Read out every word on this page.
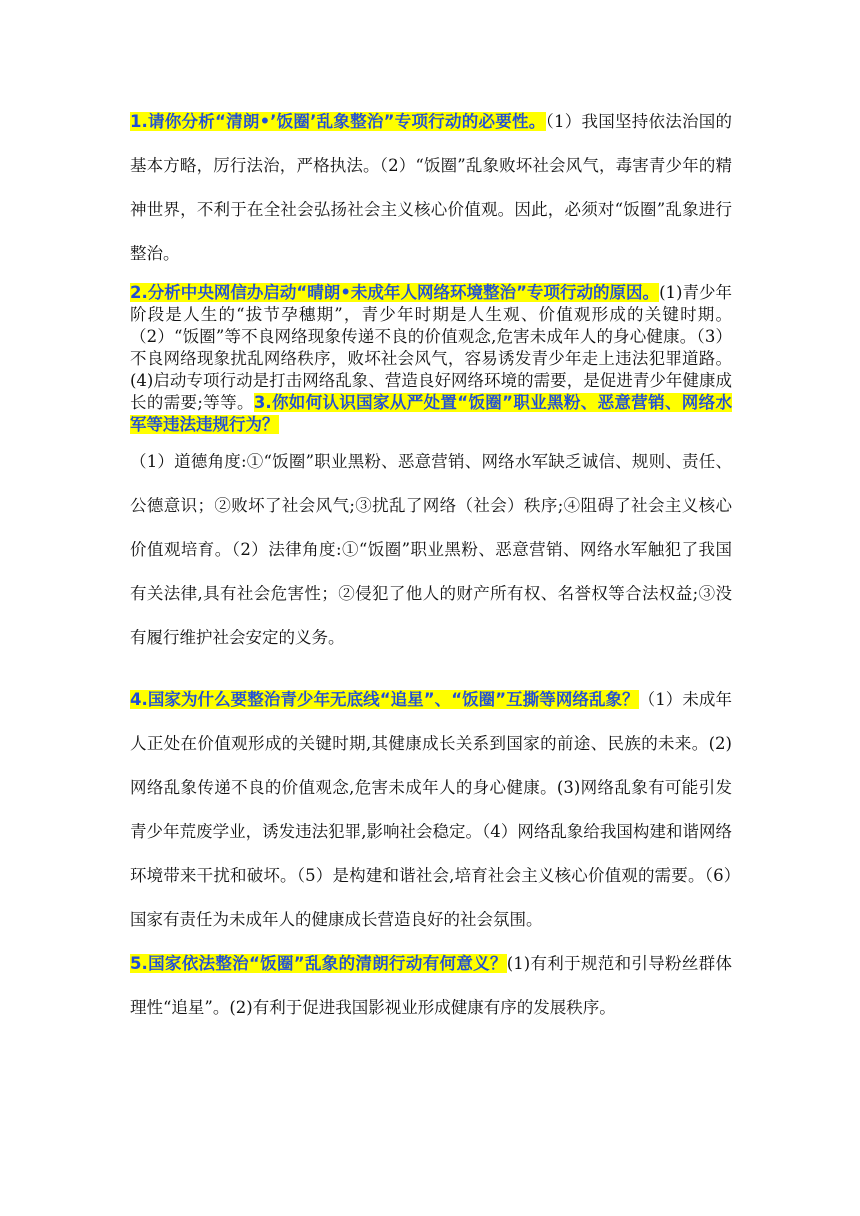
1.请你分析“清朗•’饭圈’乱象整治”专项行动的必要性。（1）我国坚持依法治国的基本方略，厉行法治，严格执法。（2）“饭圈”乱象败坏社会风气，毒害青少年的精神世界，不利于在全社会弘扬社会主义核心价值观。因此，必须对“饭圈”乱象进行整治。

2.分析中央网信办启动“晴朗•未成年人网络环境整治”专项行动的原因。(1)青少年阶段是人生的“拔节孕穗期”，青少年时期是人生观、价值观形成的关键时期。（2）“饭圈”等不良网络现象传递不良的价值观念,危害未成年人的身心健康。（3）不良网络现象扰乱网络秩序，败坏社会风气，容易诱发青少年走上违法犯罪道路。(4)启动专项行动是打击网络乱象、营造良好网络环境的需要，是促进青少年健康成长的需要;等等。3.你如何认识国家从严处置“饭圈”职业黑粉、恶意营销、网络水军等违法违规行为？

（1）道德角度:①“饭圈”职业黑粉、恶意营销、网络水军缺乏诚信、规则、责任、公德意识；②败坏了社会风气;③扰乱了网络（社会）秩序;④阻碍了社会主义核心价值观培育。（2）法律角度:①“饭圈”职业黑粉、恶意营销、网络水军触犯了我国有关法律,具有社会危害性；②侵犯了他人的财产所有权、名誉权等合法权益;③没有履行维护社会安定的义务。

4.国家为什么要整治青少年无底线“追星”、“饭圈”互撕等网络乱象？（1）未成年人正处在价值观形成的关键时期,其健康成长关系到国家的前途、民族的未来。(2)网络乱象传递不良的价值观念,危害未成年人的身心健康。(3)网络乱象有可能引发青少年荒废学业，诱发违法犯罪,影响社会稳定。（4）网络乱象给我国构建和谐网络环境带来干扰和破坏。（5）是构建和谐社会,培育社会主义核心价值观的需要。（6）国家有责任为未成年人的健康成长营造良好的社会氛围。

5.国家依法整治“饭圈”乱象的清朗行动有何意义？(1)有利于规范和引导粉丝群体理性“追星”。(2)有利于促进我国影视业形成健康有序的发展秩序。
